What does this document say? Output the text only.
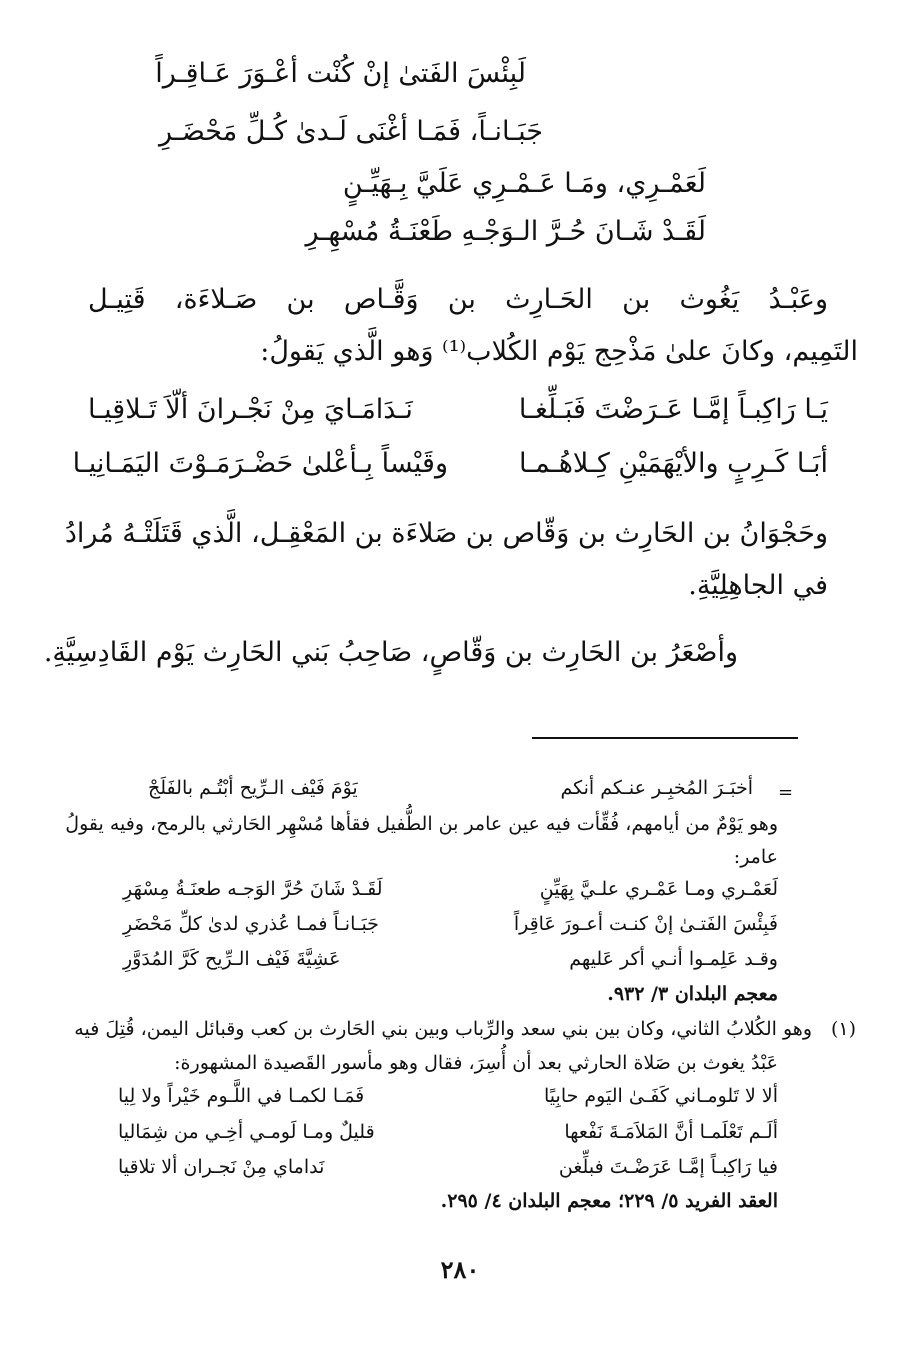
لَبِئْسَ الفَتىٰ إنْ كُنْت أعْـوَرَ عَـاقِـراً
جَبَـانـاً، فَمَـا أغْنَى لَـدىٰ كُـلِّ مَحْضَـرِ
لَعَمْـرِي، ومَـا عَـمْـرِي عَلَيَّ بِـهَيِّـنٍ
لَقَـدْ شَـانَ حُـرَّ الـوَجْـهِ طَعْنَـةُ مُسْهِـرِ
وعَبْـدُ يَغُوث بن الحَـارِث بن وَقَّـاص بن صَـلاءَة، قَتِيـل
التَمِيم، وكانَ علىٰ مَذْحِج يَوْم الكُلاب⁽¹⁾ وَهو الَّذي يَقولُ:
يَـا رَاكِبـاً إمَّـا عَـرَضْتَ فَبَـلِّغـا
نَـدَامَـايَ مِنْ نَجْـرانَ ألّاَ تَـلاقِيـا
أبَـا كَـرِبٍ والأيْهَمَيْنِ كِـلاهُـمـا
وقَيْساً بِـأعْلىٰ حَضْـرَمَـوْتَ اليَمَـانِيـا
وحَجْوَانُ بن الحَارِث بن وَقّاص بن صَلاءَة بن المَعْقِـل، الَّذي قَتَلَتْـهُ مُرادُ
في الجاهِلِيَّةِ.
وأصْعَرُ بن الحَارِث بن وَقّاصٍ، صَاحِبُ بَني الحَارِث يَوْم القَادِسِيَّةِ.
=
أخبَـرَ المُخبِـر عنـكم أنكم
يَوْمَ فَيْف الـرِّيح أبْتُـم بالفَلَجْ
وهو يَوْمٌ من أيامهم، فُقِّأت فيه عين عامر بن الطُّفيل فقأها مُسْهِر الحَارثي بالرمح، وفيه يقولُ
عامر:
لَعَمْـري ومـا عَمْـري علـيَّ بِهَيِّنٍ
لَقَـدْ شَانَ حُرَّ الوَجـه طعنَـةُ مِسْهَرِ
فَبِئْسَ الفَتـىٰ إنْ كنـت أعـورَ عَاقِراً
جَبَـانـاً فمـا عُذري لدىٰ كلِّ مَحْضَرِ
وقـد عَلِمـوا أنـي أكر عَليهم
عَشِيَّةَ فَيْف الـرِّيح كَرَّ المُدَوَّرِ
معجم البلدان ٣/ ٩٣٢.
(١)
وهو الكُلابُ الثاني، وكان بين بني سعد والرِّباب وبين بني الحَارث بن كعب وقبائل اليمن، قُتِلَ فيه
عَبْدُ يغوث بن صَلاة الحارثي بعد أن أُسِرَ، فقال وهو مأسور القَصيدة المشهورة:
ألا لا تَلومـاني كَفَـىٰ اليَوم حابِيًا
فَمَـا لكمـا في اللَّـوم خَيْراً ولا لِيا
ألَـم تَعْلَمـا أنَّ المَلاَمَـةَ نَفْعها
قليلٌ ومـا لَومـي أخِـي من شِمَاليا
فيا رَاكِبـاً إمَّـا عَرَضْـتَ فبلِّغن
نَداماي مِنْ نَجـران ألا تلاقيا
العقد الفريد ٥/ ٢٢٩؛ معجم البلدان ٤/ ٢٩٥.
٢٨٠
